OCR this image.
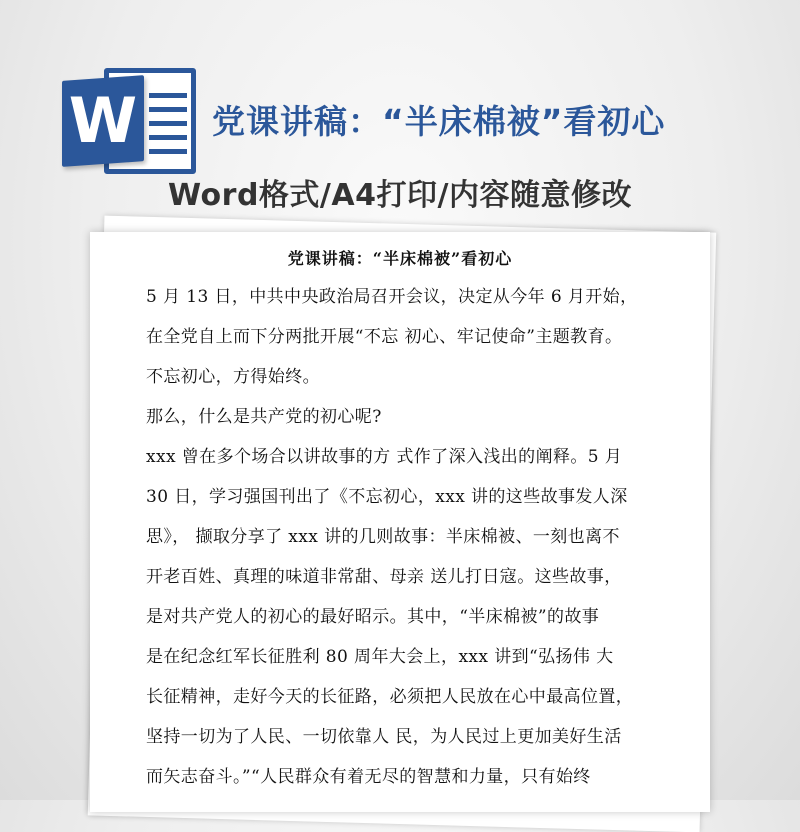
W 党课讲稿：“半床棉被”看初心
Word格式/A4打印/内容随意修改
党课讲稿：“半床棉被”看初心

5 月 13 日，中共中央政治局召开会议，决定从今年 6 月开始，

在全党自上而下分两批开展“不忘 初心、牢记使命”主题教育。

不忘初心，方得始终。

那么，什么是共产党的初心呢?

xxx 曾在多个场合以讲故事的方 式作了深入浅出的阐释。5 月

30 日，学习强国刊出了《不忘初心，xxx 讲的这些故事发人深

思》， 撷取分享了 xxx 讲的几则故事：半床棉被、一刻也离不

开老百姓、真理的味道非常甜、母亲 送儿打日寇。这些故事，

是对共产党人的初心的最好昭示。其中，“半床棉被”的故事

是在纪念红军长征胜利 80 周年大会上，xxx 讲到“弘扬伟 大

长征精神，走好今天的长征路，必须把人民放在心中最高位置，

坚持一切为了人民、一切依靠人 民，为人民过上更加美好生活

而矢志奋斗。”“人民群众有着无尽的智慧和力量，只有始终
